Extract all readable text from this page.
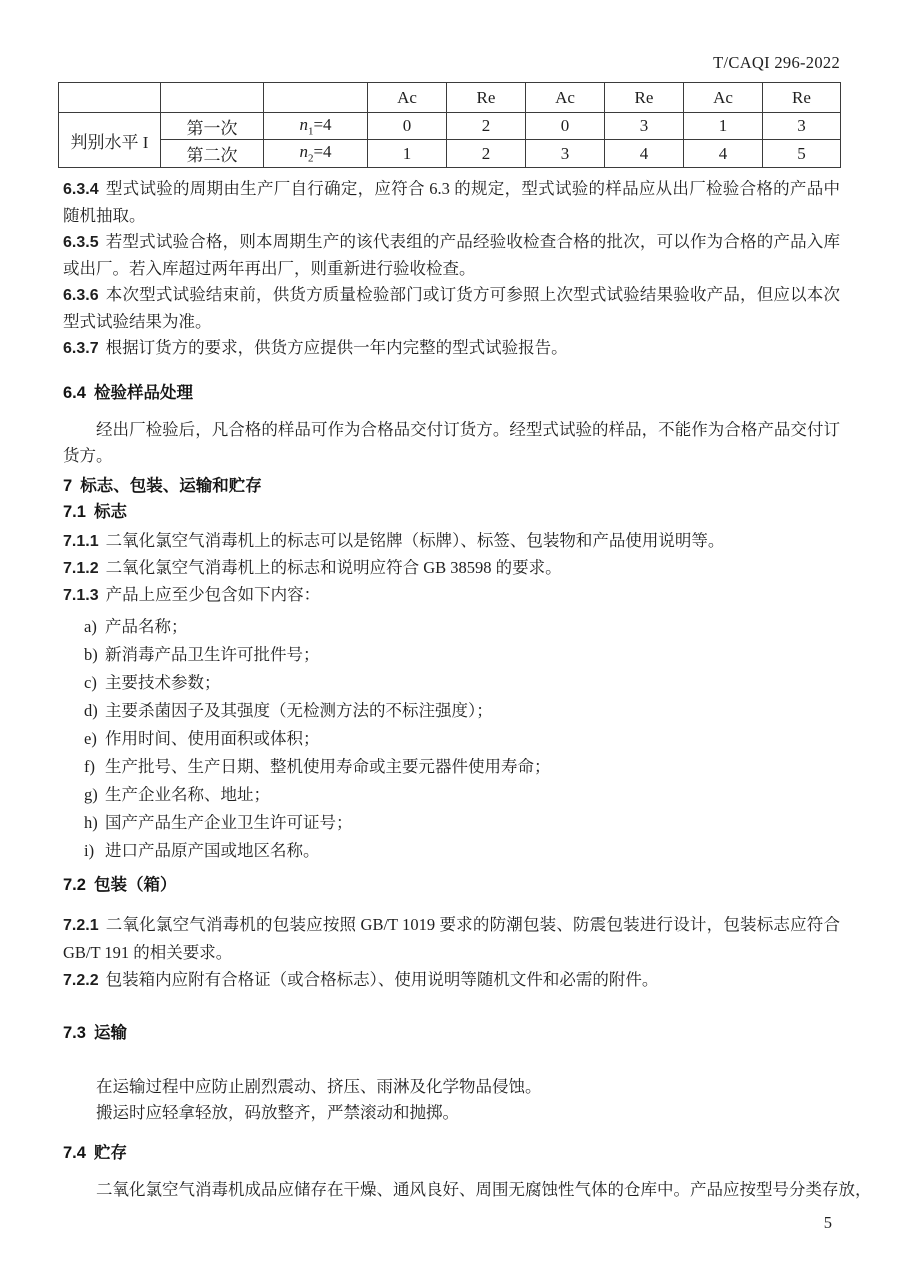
T/CAQI 296-2022
			Ac	Re	Ac	Re	Ac	Re
判别水平 I	第一次	$n_1=4$	0	2	0	3	1	3
	第二次	$n_2=4$	1	2	3	4	4	5

6.3.4 型式试验的周期由生产厂自行确定，应符合 6.3 的规定，型式试验的样品应从出厂检验合格的产品中随机抽取。

6.3.5 若型式试验合格，则本周期生产的该代表组的产品经验收检查合格的批次，可以作为合格的产品入库或出厂。若入库超过两年再出厂，则重新进行验收检查。

6.3.6 本次型式试验结束前，供货方质量检验部门或订货方可参照上次型式试验结果验收产品，但应以本次型式试验结果为准。

6.3.7 根据订货方的要求，供货方应提供一年内完整的型式试验报告。

6.4 检验样品处理

经出厂检验后，凡合格的样品可作为合格品交付订货方。经型式试验的样品，不能作为合格产品交付订货方。

7 标志、包装、运输和贮存

7.1 标志

7.1.1 二氧化氯空气消毒机上的标志可以是铭牌（标牌）、标签、包装物和产品使用说明等。

7.1.2 二氧化氯空气消毒机上的标志和说明应符合 GB 38598 的要求。

7.1.3 产品上应至少包含如下内容：

a) 产品名称；
b) 新消毒产品卫生许可批件号；
c) 主要技术参数；
d) 主要杀菌因子及其强度（无检测方法的不标注强度）；
e) 作用时间、使用面积或体积；
f) 生产批号、生产日期、整机使用寿命或主要元器件使用寿命；
g) 生产企业名称、地址；
h) 国产产品生产企业卫生许可证号；
i) 进口产品原产国或地区名称。

7.2 包装（箱）

7.2.1 二氧化氯空气消毒机的包装应按照 GB/T 1019 要求的防潮包装、防震包装进行设计，包装标志应符合 GB/T 191 的相关要求。

7.2.2 包装箱内应附有合格证（或合格标志）、使用说明等随机文件和必需的附件。

7.3 运输

在运输过程中应防止剧烈震动、挤压、雨淋及化学物品侵蚀。

搬运时应轻拿轻放，码放整齐，严禁滚动和抛掷。

7.4 贮存

二氧化氯空气消毒机成品应储存在干燥、通风良好、周围无腐蚀性气体的仓库中。产品应按型号分类存放，

5
